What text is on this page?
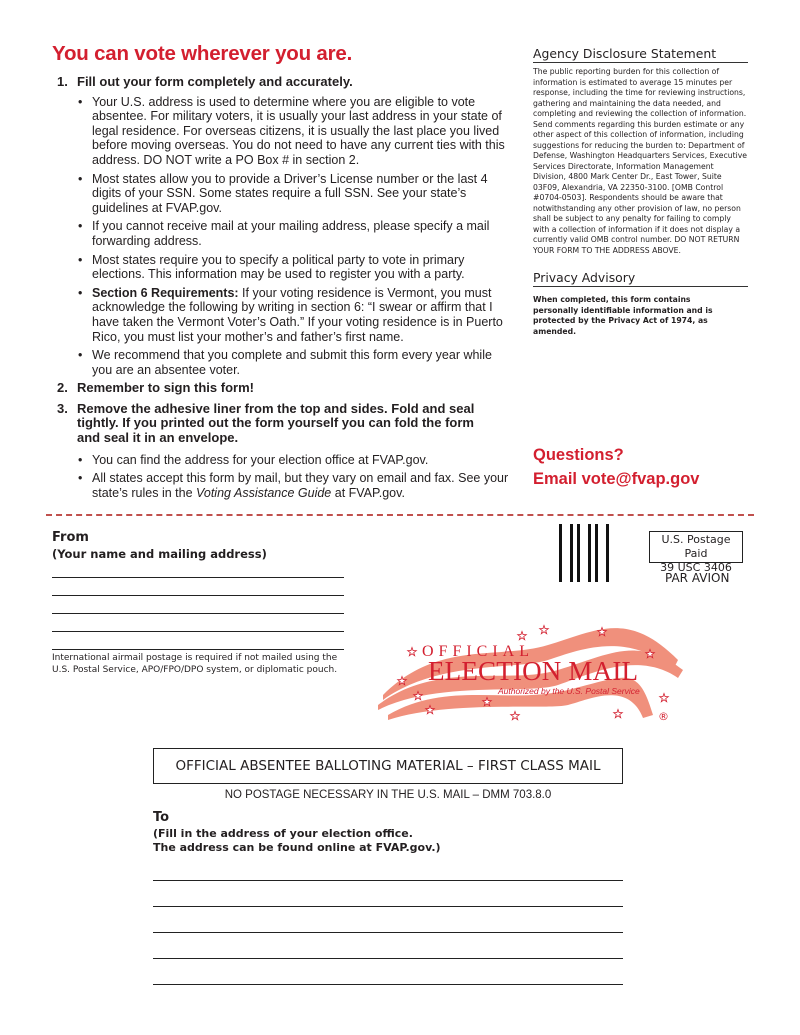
You can vote wherever you are.
1. Fill out your form completely and accurately.
• Your U.S. address is used to determine where you are eligible to vote absentee. For military voters, it is usually your last address in your state of legal residence. For overseas citizens, it is usually the last place you lived before moving overseas. You do not need to have any current ties with this address. DO NOT write a PO Box # in section 2.
• Most states allow you to provide a Driver’s License number or the last 4 digits of your SSN. Some states require a full SSN. See your state’s guidelines at FVAP.gov.
• If you cannot receive mail at your mailing address, please specify a mail forwarding address.
• Most states require you to specify a political party to vote in primary elections. This information may be used to register you with a party.
• Section 6 Requirements: If your voting residence is Vermont, you must acknowledge the following by writing in section 6: “I swear or affirm that I have taken the Vermont Voter’s Oath.” If your voting residence is in Puerto Rico, you must list your mother’s and father’s first name.
• We recommend that you complete and submit this form every year while you are an absentee voter.
2. Remember to sign this form!
3. Remove the adhesive liner from the top and sides. Fold and seal tightly. If you printed out the form yourself you can fold the form and seal it in an envelope.
• You can find the address for your election office at FVAP.gov.
• All states accept this form by mail, but they vary on email and fax. See your state’s rules in the Voting Assistance Guide at FVAP.gov.
Agency Disclosure Statement
The public reporting burden for this collection of information is estimated to average 15 minutes per response, including the time for reviewing instructions, gathering and maintaining the data needed, and completing and reviewing the collection of information. Send comments regarding this burden estimate or any other aspect of this collection of information, including suggestions for reducing the burden to: Department of Defense, Washington Headquarters Services, Executive Services Directorate, Information Management Division, 4800 Mark Center Dr., East Tower, Suite 03F09, Alexandria, VA 22350-3100. [OMB Control #0704-0503]. Respondents should be aware that notwithstanding any other provision of law, no person shall be subject to any penalty for failing to comply with a collection of information if it does not display a currently valid OMB control number. DO NOT RETURN YOUR FORM TO THE ADDRESS ABOVE.
Privacy Advisory
When completed, this form contains personally identifiable information and is protected by the Privacy Act of 1974, as amended.
Questions?
Email vote@fvap.gov
From
(Your name and mailing address)
International airmail postage is required if not mailed using the U.S. Postal Service, APO/FPO/DPO system, or diplomatic pouch.
U.S. Postage Paid
39 USC 3406
PAR AVION
OFFICIAL
ELECTION MAIL
Authorized by the U.S. Postal Service
®
OFFICIAL ABSENTEE BALLOTING MATERIAL – FIRST CLASS MAIL
NO POSTAGE NECESSARY IN THE U.S. MAIL – DMM 703.8.0
To
(Fill in the address of your election office.
The address can be found online at FVAP.gov.)
